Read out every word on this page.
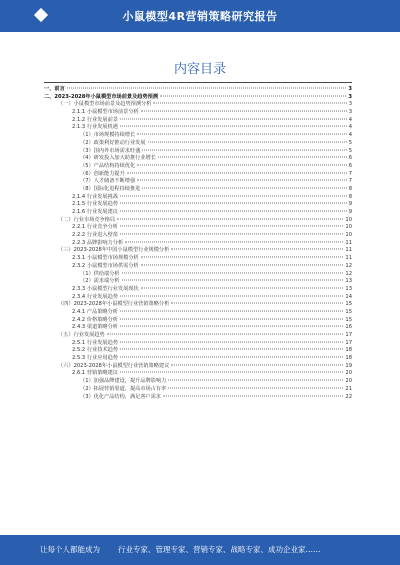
小鼠模型4R营销策略研究报告
内容目录
一、前言	3
二、2023-2028年小鼠模型市场前景及趋势预测	3
（一）小鼠模型市场前景及趋势预测分析	3
2.1.1 小鼠模型市场前景分析	3
2.1.2 行业发展前景	4
2.1.3 行业发展机遇	4
（1）市场规模持续增长	4
（2）政策利好推动行业发展	5
（3）国内外市场需求旺盛	5
（4）研发投入加大助推行业增长	6
（5）产品结构持续优化	6
（6）创新能力提升	7
（7）人才储备不断增强	7
（8）国际化进程持续推进	8
2.1.4 行业发展挑战	8
2.1.5 行业发展趋势	9
2.1.6 行业发展建议	9
（二）行业市场竞争格局	10
2.2.1 行业竞争分析	10
2.2.2 行业进入壁垒	10
2.2.3 品牌影响力分析	11
（三）2023-2028年中国小鼠模型行业规模分析	11
2.3.1 小鼠模型市场规模分析	11
2.3.2 小鼠模型市场供需分析	12
（1）供给端分析	12
（2）需求端分析	13
2.3.3 小鼠模型行业发展现状	13
2.3.4 行业发展趋势	14
（四）2023-2028年小鼠模型行业营销策略分析	15
2.4.1 产品策略分析	15
2.4.2 价格策略分析	15
2.4.3 渠道策略分析	16
（五）行业发展趋势	17
2.5.1 行业发展趋势	17
2.5.2 行业技术趋势	18
2.5.3 行业应用趋势	18
（六）2023-2028年小鼠模型行业营销策略建议	19
2.6.1 营销策略建议	20
（1）加强品牌建设，提升品牌影响力	20
（2）拓展营销渠道，提高市场占有率	21
（3）优化产品结构，满足客户需求	22
让每个人都能成为 行业专家、管理专家、营销专家、战略专家、成功企业家……
